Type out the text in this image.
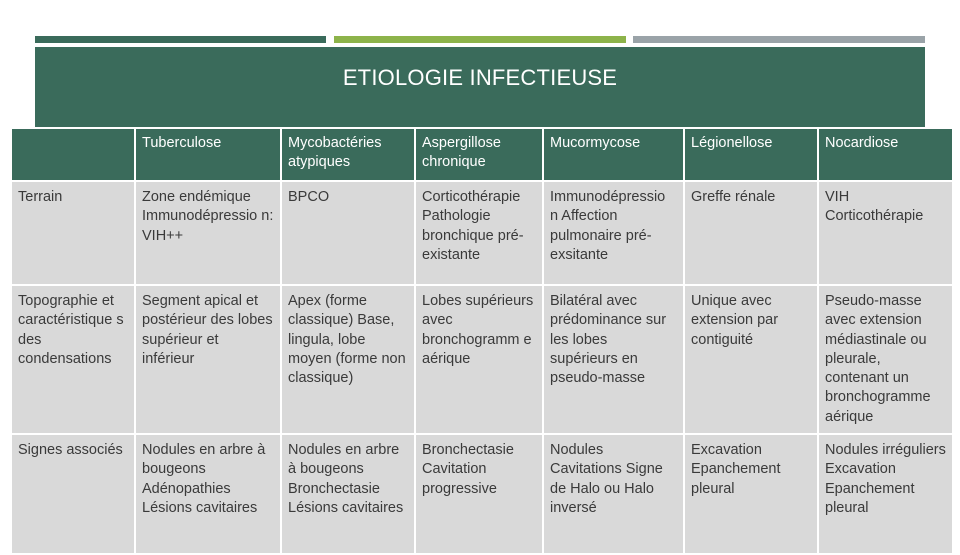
ETIOLOGIE INFECTIEUSE
	Tuberculose	Mycobactéries atypiques	Aspergillose chronique	Mucormycose	Légionellose	Nocardiose
Terrain	Zone endémique Immunodépressio n: VIH++	BPCO	Corticothérapie Pathologie bronchique pré-existante	Immunodépressio n Affection pulmonaire pré-exsitante	Greffe rénale	VIH Corticothérapie
Topographie et caractéristique s des condensations	Segment apical et postérieur des lobes supérieur et inférieur	Apex (forme classique) Base, lingula, lobe moyen (forme non classique)	Lobes supérieurs avec bronchogramm e aérique	Bilatéral avec prédominance sur les lobes supérieurs en pseudo-masse	Unique avec extension par contiguité	Pseudo-masse avec extension médiastinale ou pleurale, contenant un bronchogramme aérique
Signes associés	Nodules en arbre à bougeons Adénopathies Lésions cavitaires	Nodules en arbre à bougeons Bronchectasie Lésions cavitaires	Bronchectasie Cavitation progressive	Nodules Cavitations Signe de Halo ou Halo inversé	Excavation Epanchement pleural	Nodules irréguliers Excavation Epanchement pleural
